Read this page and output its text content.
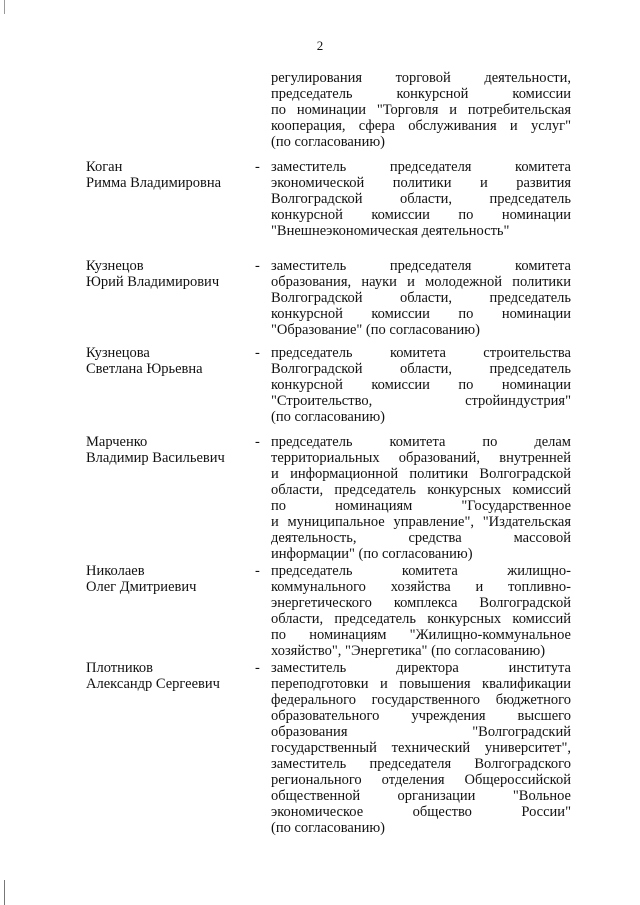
2
регулирования торговой деятельности,
председатель конкурсной комиссии
по номинации "Торговля и потребительская
кооперация, сфера обслуживания и услуг"
(по согласованию)
Коган
Римма Владимировна
- заместитель председателя комитета
экономической политики и развития
Волгоградской области, председатель
конкурсной комиссии по номинации
"Внешнеэкономическая деятельность"
Кузнецов
Юрий Владимирович
- заместитель председателя комитета
образования, науки и молодежной политики
Волгоградской области, председатель
конкурсной комиссии по номинации
"Образование" (по согласованию)
Кузнецова
Светлана Юрьевна
- председатель комитета строительства
Волгоградской области, председатель
конкурсной комиссии по номинации
"Строительство, стройиндустрия"
(по согласованию)
Марченко
Владимир Васильевич
- председатель комитета по делам
территориальных образований, внутренней
и информационной политики Волгоградской
области, председатель конкурсных комиссий
по номинациям "Государственное
и муниципальное управление", "Издательская
деятельность, средства массовой
информации" (по согласованию)
Николаев
Олег Дмитриевич
- председатель комитета жилищно-
коммунального хозяйства и топливно-
энергетического комплекса Волгоградской
области, председатель конкурсных комиссий
по номинациям "Жилищно-коммунальное
хозяйство", "Энергетика" (по согласованию)
Плотников
Александр Сергеевич
- заместитель директора института
переподготовки и повышения квалификации
федерального государственного бюджетного
образовательного учреждения высшего
образования "Волгоградский
государственный технический университет",
заместитель председателя Волгоградского
регионального отделения Общероссийской
общественной организации "Вольное
экономическое общество России"
(по согласованию)
